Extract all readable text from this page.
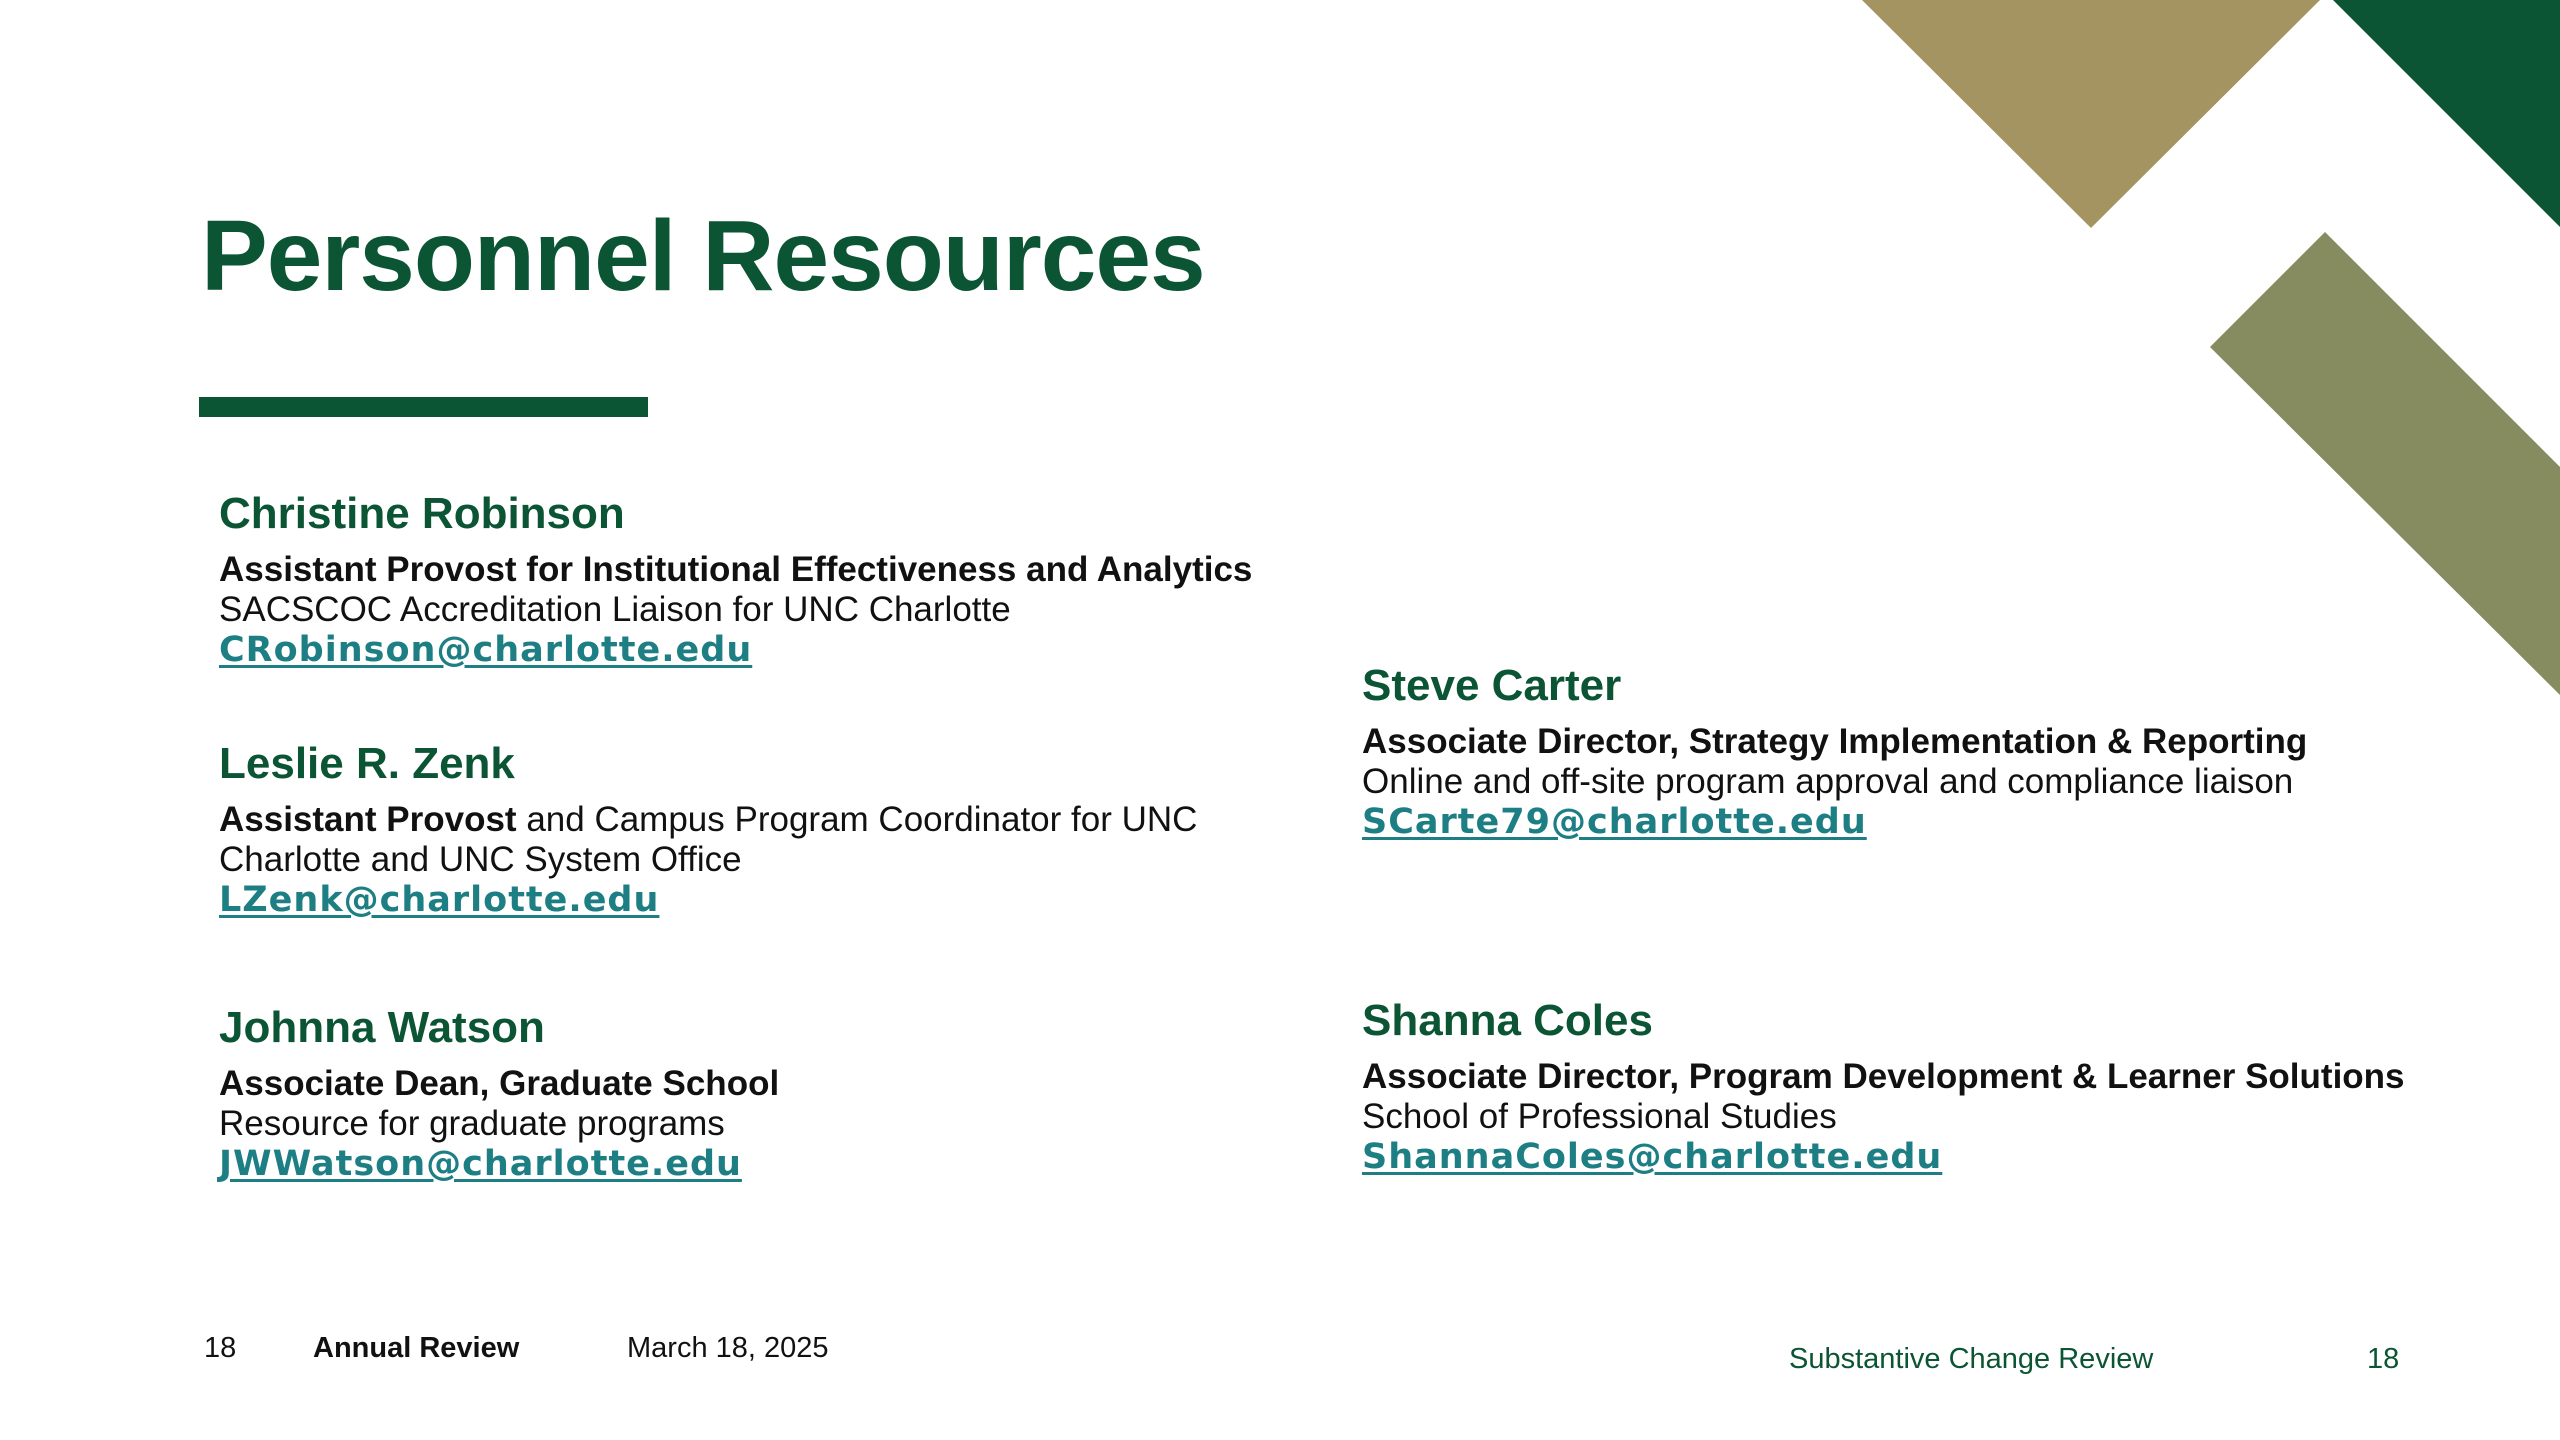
Personnel Resources
Christine Robinson
Assistant Provost for Institutional Effectiveness and Analytics
SACSCOC Accreditation Liaison for UNC Charlotte
CRobinson@charlotte.edu
Leslie R. Zenk
Assistant Provost and Campus Program Coordinator for UNC
Charlotte and UNC System Office
LZenk@charlotte.edu
Johnna Watson
Associate Dean, Graduate School
Resource for graduate programs
JWWatson@charlotte.edu
Steve Carter
Associate Director, Strategy Implementation & Reporting
Online and off-site program approval and compliance liaison
SCarte79@charlotte.edu
Shanna Coles
Associate Director, Program Development & Learner Solutions
School of Professional Studies
ShannaColes@charlotte.edu
18	Annual Review	March 18, 2025	Substantive Change Review	18
